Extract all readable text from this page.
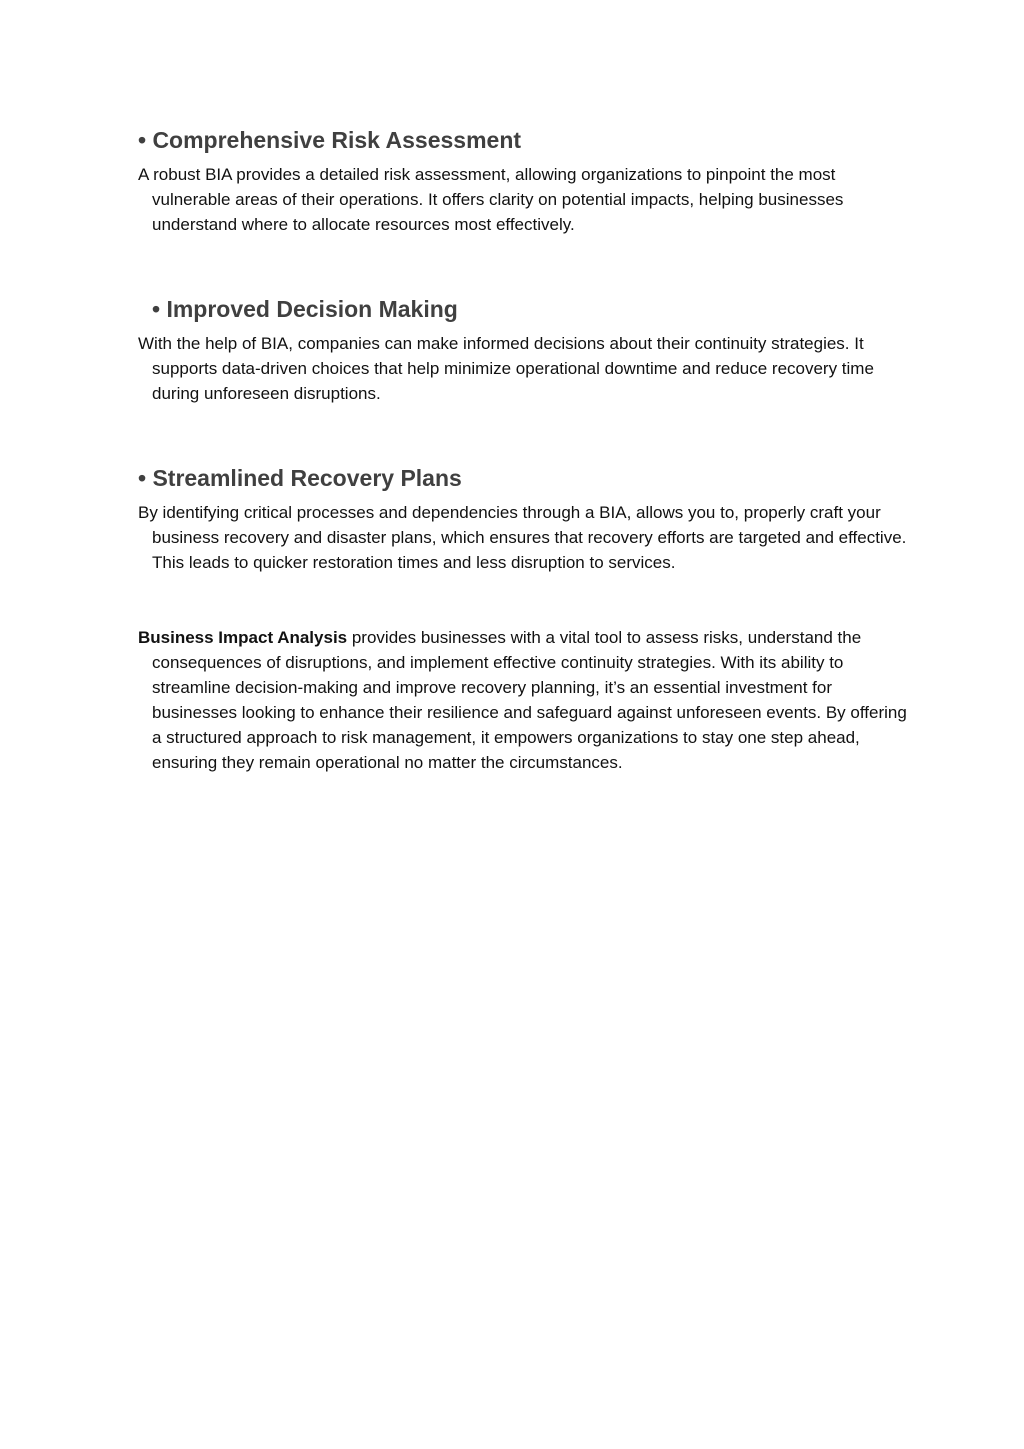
• Comprehensive Risk Assessment

A robust BIA provides a detailed risk assessment, allowing organizations to pinpoint the most vulnerable areas of their operations. It offers clarity on potential impacts, helping businesses understand where to allocate resources most effectively.

• Improved Decision Making

With the help of BIA, companies can make informed decisions about their continuity strategies. It supports data-driven choices that help minimize operational downtime and reduce recovery time during unforeseen disruptions.

• Streamlined Recovery Plans

By identifying critical processes and dependencies through a BIA, allows you to, properly craft your business recovery and disaster plans, which ensures that recovery efforts are targeted and effective. This leads to quicker restoration times and less disruption to services.

Business Impact Analysis provides businesses with a vital tool to assess risks, understand the consequences of disruptions, and implement effective continuity strategies. With its ability to streamline decision-making and improve recovery planning, it’s an essential investment for businesses looking to enhance their resilience and safeguard against unforeseen events. By offering a structured approach to risk management, it empowers organizations to stay one step ahead, ensuring they remain operational no matter the circumstances.
